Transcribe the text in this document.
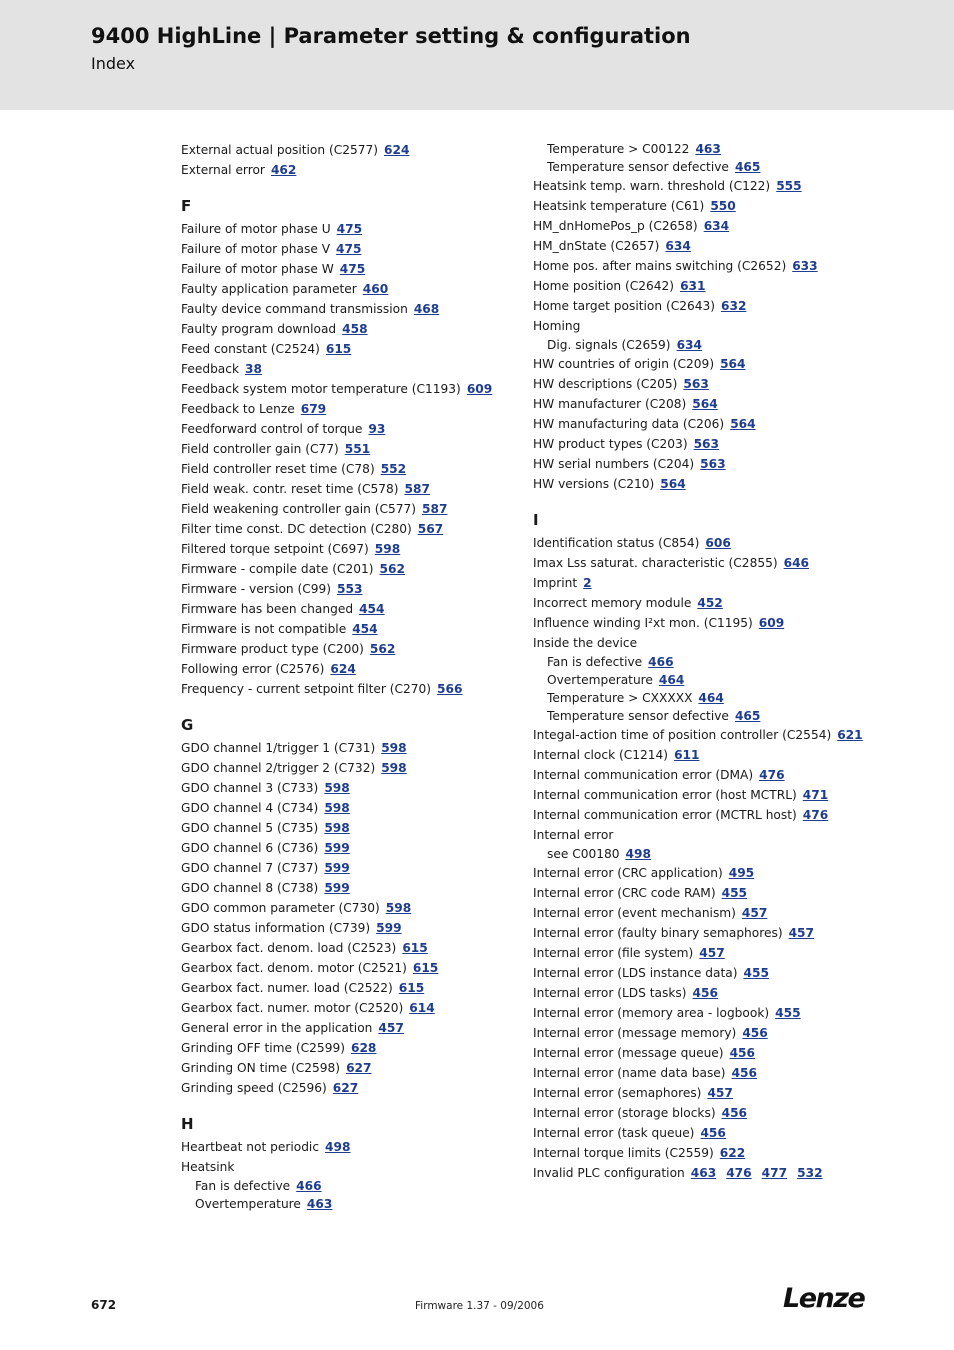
9400 HighLine | Parameter setting & configuration
Index
External actual position (C2577) 624
External error 462
F
Failure of motor phase U 475
Failure of motor phase V 475
Failure of motor phase W 475
Faulty application parameter 460
Faulty device command transmission 468
Faulty program download 458
Feed constant (C2524) 615
Feedback 38
Feedback system motor temperature (C1193) 609
Feedback to Lenze 679
Feedforward control of torque 93
Field controller gain (C77) 551
Field controller reset time (C78) 552
Field weak. contr. reset time (C578) 587
Field weakening controller gain (C577) 587
Filter time const. DC detection (C280) 567
Filtered torque setpoint (C697) 598
Firmware - compile date (C201) 562
Firmware - version (C99) 553
Firmware has been changed 454
Firmware is not compatible 454
Firmware product type (C200) 562
Following error (C2576) 624
Frequency - current setpoint filter (C270) 566
G
GDO channel 1/trigger 1 (C731) 598
GDO channel 2/trigger 2 (C732) 598
GDO channel 3 (C733) 598
GDO channel 4 (C734) 598
GDO channel 5 (C735) 598
GDO channel 6 (C736) 599
GDO channel 7 (C737) 599
GDO channel 8 (C738) 599
GDO common parameter (C730) 598
GDO status information (C739) 599
Gearbox fact. denom. load (C2523) 615
Gearbox fact. denom. motor (C2521) 615
Gearbox fact. numer. load (C2522) 615
Gearbox fact. numer. motor (C2520) 614
General error in the application 457
Grinding OFF time (C2599) 628
Grinding ON time (C2598) 627
Grinding speed (C2596) 627
H
Heartbeat not periodic 498
Heatsink
Fan is defective 466
Overtemperature 463
Temperature > C00122 463
Temperature sensor defective 465
Heatsink temp. warn. threshold (C122) 555
Heatsink temperature (C61) 550
HM_dnHomePos_p (C2658) 634
HM_dnState (C2657) 634
Home pos. after mains switching (C2652) 633
Home position (C2642) 631
Home target position (C2643) 632
Homing
Dig. signals (C2659) 634
HW countries of origin (C209) 564
HW descriptions (C205) 563
HW manufacturer (C208) 564
HW manufacturing data (C206) 564
HW product types (C203) 563
HW serial numbers (C204) 563
HW versions (C210) 564
I
Identification status (C854) 606
Imax Lss saturat. characteristic (C2855) 646
Imprint 2
Incorrect memory module 452
Influence winding I²xt mon. (C1195) 609
Inside the device
Fan is defective 466
Overtemperature 464
Temperature > CXXXXX 464
Temperature sensor defective 465
Integal-action time of position controller (C2554) 621
Internal clock (C1214) 611
Internal communication error (DMA) 476
Internal communication error (host MCTRL) 471
Internal communication error (MCTRL host) 476
Internal error
see C00180 498
Internal error (CRC application) 495
Internal error (CRC code RAM) 455
Internal error (event mechanism) 457
Internal error (faulty binary semaphores) 457
Internal error (file system) 457
Internal error (LDS instance data) 455
Internal error (LDS tasks) 456
Internal error (memory area - logbook) 455
Internal error (message memory) 456
Internal error (message queue) 456
Internal error (name data base) 456
Internal error (semaphores) 457
Internal error (storage blocks) 456
Internal error (task queue) 456
Internal torque limits (C2559) 622
Invalid PLC configuration 463 476 477 532
672	Firmware 1.37 - 09/2006	Lenze
